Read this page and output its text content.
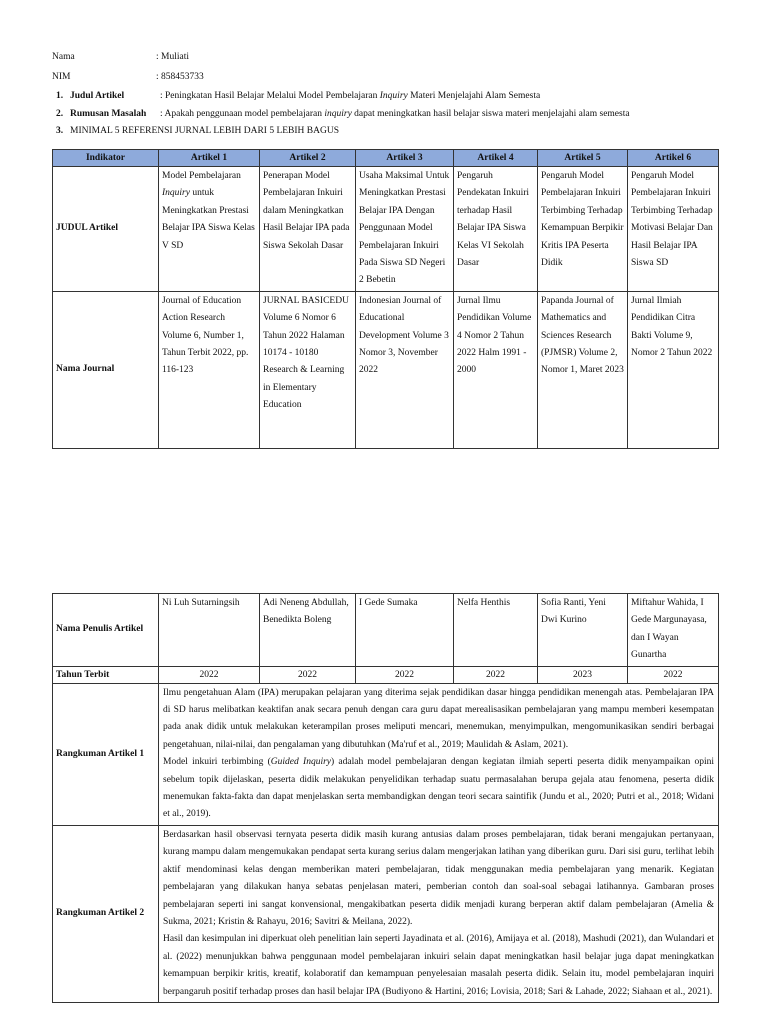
Nama	: Muliati
NIM	: 858453733
1. Judul Artikel	: Peningkatan Hasil Belajar Melalui Model Pembelajaran Inquiry Materi Menjelajahi Alam Semesta
2. Rumusan Masalah : Apakah penggunaan model pembelajaran inquiry dapat meningkatkan hasil belajar siswa materi menjelajahi alam semesta
3. MINIMAL 5 REFERENSI JURNAL LEBIH DARI 5 LEBIH BAGUS
Indikator	Artikel 1	Artikel 2	Artikel 3	Artikel 4	Artikel 5	Artikel 6
JUDUL Artikel	Model Pembelajaran Inquiry untuk Meningkatkan Prestasi Belajar IPA Siswa Kelas V SD	Penerapan Model Pembelajaran Inkuiri dalam Meningkatkan Hasil Belajar IPA pada Siswa Sekolah Dasar	Usaha Maksimal Untuk Meningkatkan Prestasi Belajar IPA Dengan Penggunaan Model Pembelajaran Inkuiri Pada Siswa SD Negeri 2 Bebetin	Pengaruh Pendekatan Inkuiri terhadap Hasil Belajar IPA Siswa Kelas VI Sekolah Dasar	Pengaruh Model Pembelajaran Inkuiri Terbimbing Terhadap Kemampuan Berpikir Kritis IPA Peserta Didik	Pengaruh Model Pembelajaran Inkuiri Terbimbing Terhadap Motivasi Belajar Dan Hasil Belajar IPA Siswa SD
Nama Journal	Journal of Education Action Research Volume 6, Number 1, Tahun Terbit 2022, pp. 116-123	JURNAL BASICEDU Volume 6 Nomor 6 Tahun 2022 Halaman 10174 - 10180 Research & Learning in Elementary Education	Indonesian Journal of Educational Development Volume 3 Nomor 3, November 2022	Jurnal Ilmu Pendidikan Volume 4 Nomor 2 Tahun 2022 Halm 1991 - 2000	Papanda Journal of Mathematics and Sciences Research (PJMSR) Volume 2, Nomor 1, Maret 2023	Jurnal Ilmiah Pendidikan Citra Bakti Volume 9, Nomor 2 Tahun 2022
Nama Penulis Artikel	Ni Luh Sutarningsih	Adi Neneng Abdullah, Benedikta Boleng	I Gede Sumaka	Nelfa Henthis	Sofia Ranti, Yeni Dwi Kurino	Miftahur Wahida, I Gede Margunayasa, dan I Wayan Gunartha
Tahun Terbit	2022	2022	2022	2022	2023	2022
Rangkuman Artikel 1	Ilmu pengetahuan Alam (IPA) merupakan pelajaran yang diterima sejak pendidikan dasar hingga pendidikan menengah atas. Pembelajaran IPA di SD harus melibatkan keaktifan anak secara penuh dengan cara guru dapat merealisasikan pembelajaran yang mampu memberi kesempatan pada anak didik untuk melakukan keterampilan proses meliputi mencari, menemukan, menyimpulkan, mengomunikasikan sendiri berbagai pengetahuan, nilai-nilai, dan pengalaman yang dibutuhkan (Ma'ruf et al., 2019; Maulidah & Aslam, 2021).

Model inkuiri terbimbing (Guided Inquiry) adalah model pembelajaran dengan kegiatan ilmiah seperti peserta didik menyampaikan opini sebelum topik dijelaskan, peserta didik melakukan penyelidikan terhadap suatu permasalahan berupa gejala atau fenomena, peserta didik menemukan fakta-fakta dan dapat menjelaskan serta membandigkan dengan teori secara saintifik (Jundu et al., 2020; Putri et al., 2018; Widani et al., 2019).					

Rangkuman Artikel 2	Berdasarkan hasil observasi ternyata peserta didik masih kurang antusias dalam proses pembelajaran, tidak berani mengajukan pertanyaan, kurang mampu dalam mengemukakan pendapat serta kurang serius dalam mengerjakan latihan yang diberikan guru. Dari sisi guru, terlihat lebih aktif mendominasi kelas dengan memberikan materi pembelajaran, tidak menggunakan media pembelajaran yang menarik. Kegiatan pembelajaran yang dilakukan hanya sebatas penjelasan materi, pemberian contoh dan soal-soal sebagai latihannya. Gambaran proses pembelajaran seperti ini sangat konvensional, mengakibatkan peserta didik menjadi kurang berperan aktif dalam pembelajaran (Amelia & Sukma, 2021; Kristin & Rahayu, 2016; Savitri & Meilana, 2022).

Hasil dan kesimpulan ini diperkuat oleh penelitian lain seperti Jayadinata et al. (2016), Amijaya et al. (2018), Mashudi (2021), dan Wulandari et al. (2022) menunjukkan bahwa penggunaan model pembelajaran inkuiri selain dapat meningkatkan hasil belajar juga dapat meningkatkan kemampuan berpikir kritis, kreatif, kolaboratif dan kemampuan penyelesaian masalah peserta didik. Selain itu, model pembelajaran inquiri berpangaruh positif terhadap proses dan hasil belajar IPA (Budiyono & Hartini, 2016; Lovisia, 2018; Sari & Lahade, 2022; Siahaan et al., 2021).					
